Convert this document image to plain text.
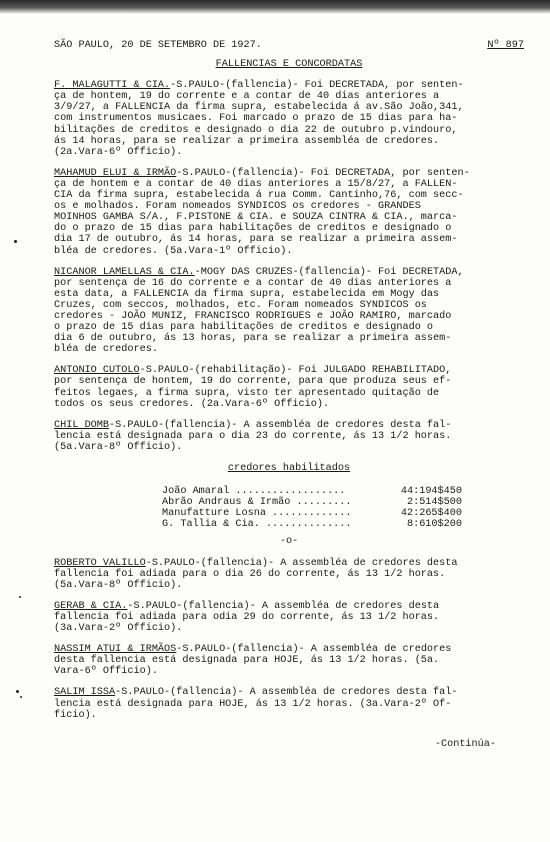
SÃO PAULO, 20 DE SETEMBRO DE 1927.	Nº 897
FALLENCIAS E CONCORDATAS
F. MALAGUTTI & CIA.-S.PAULO-(fallencia)- Foi DECRETADA, por senten-
ça de hontem, 19 do corrente e a contar de 40 dias anteriores a
3/9/27, a FALLENCIA da firma supra, estabelecida á av.São João,341,
com instrumentos musicaes. Foi marcado o prazo de 15 dias para ha-
bilitações de creditos e designado o dia 22 de outubro p.vindouro,
ás 14 horas, para se realizar a primeira assembléa de credores.
(2a.Vara-6º Officio).
MAHAMUD ELUI & IRMÃO-S.PAULO-(fallencia)- Foi DECRETADA, por senten-
ça de hontem e a contar de 40 dias anteriores a 15/8/27, a FALLEN-
CIA da firma supra, estabelecida á rua Comm. Cantinho,76, com secc-
os e molhados. Foram nomeados SYNDICOS os credores - GRANDES
MOINHOS GAMBA S/A., F.PISTONE & CIA. e SOUZA CINTRA & CIA., marca-
do o prazo de 15 dias para habilitações de creditos e designado o
dia 17 de outubro, ás 14 horas, para se realizar a primeira assem-
bléa de credores. (5a.Vara-1º Officio).
NICANOR LAMELLAS & CIA.-MOGY DAS CRUZES-(fallencia)- Foi DECRETADA,
por sentença de 16 do corrente e a contar de 40 dias anteriores a
esta data, a FALLENCIA da firma supra, estabelecida em Mogy das
Cruzes, com seccos, molhados, etc. Foram nomeados SYNDICOS os
credores - JOÃO MUNIZ, FRANCISCO RODRIGUES e JOÃO RAMIRO, marcado
o prazo de 15 dias para habilitações de creditos e designado o
dia 6 de outubro, ás 13 horas, para se realizar a primeira assem-
bléa de credores.
ANTONIO CUTOLO-S.PAULO-(rehabilitação)- Foi JULGADO REHABILITADO,
por sentença de hontem, 19 do corrente, para que produza seus ef-
feitos legaes, a firma supra, visto ter apresentado quitação de
todos os seus credores. (2a.Vara-6º Officio).
CHIL DOMB-S.PAULO-(fallencia)- A assembléa de credores desta fal-
lencia está designada para o dia 23 do corrente, ás 13 1/2 horas.
(5a.Vara-8º Officio).
credores habilitados
João Amaral ..................	44:194$450
Abrão Andraus & Irmão .........	2:514$500
Manufatture Losna .............	42:265$400
G. Tallia & Cia. ..............	8:610$200
-o-
ROBERTO VALILLO-S.PAULO-(fallencia)- A assembléa de credores desta
fallencia foi adiada para o dia 26 do corrente, ás 13 1/2 horas.
(5a.Vara-8º Officio).
GERAB & CIA.-S.PAULO-(fallencia)- A assembléa de credores desta
fallencia foi adiada para odia 29 do corrente, ás 13 1/2 horas.
(3a.Vara-2º Officio).
NASSIM ATUI & IRMÃOS-S.PAULO-(fallencia)- A assembléa de credores
desta fallencia está designada para HOJE, ás 13 1/2 horas. (5a.
Vara-6º Officio).
SALIM ISSA-S.PAULO-(fallencia)- A assembléa de credores desta fal-
lencia está designada para HOJE, ás 13 1/2 horas. (3a.Vara-2º Of-
ficio).
-Continúa-
